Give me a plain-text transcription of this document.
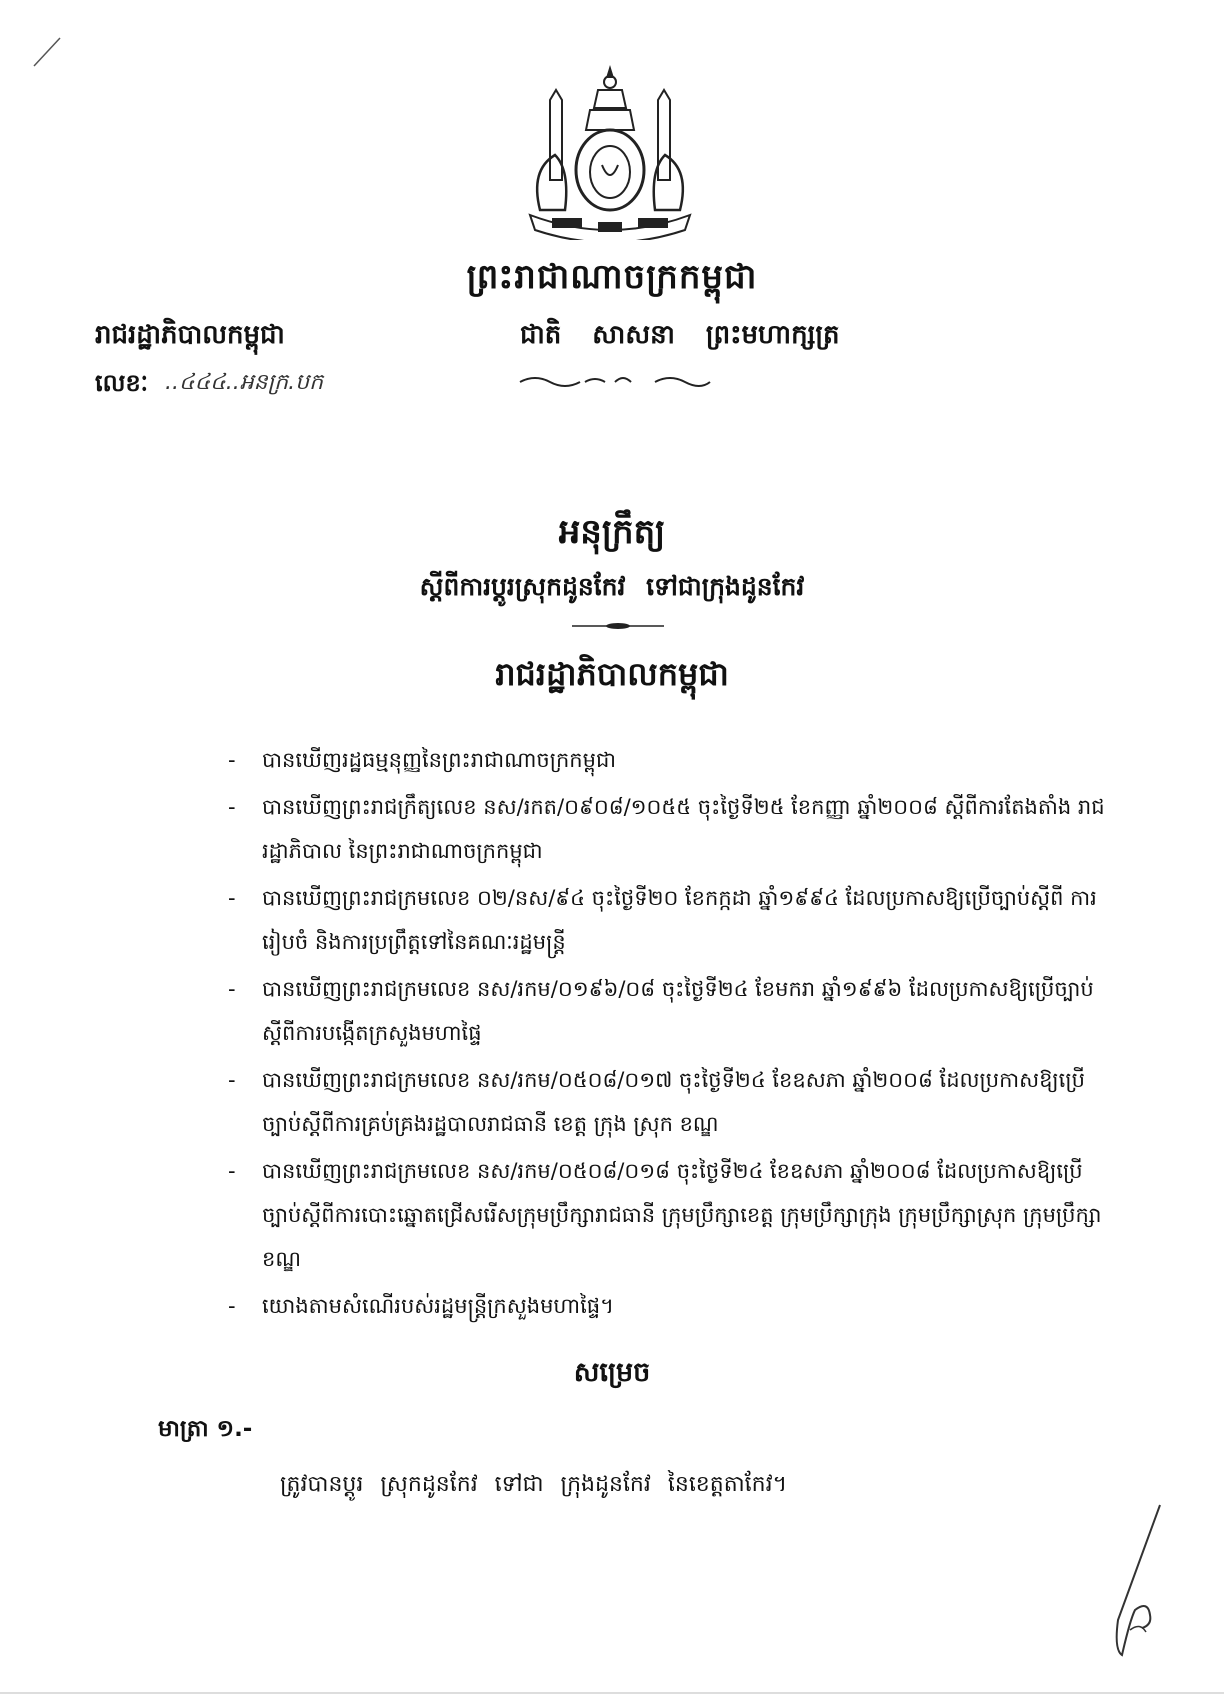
ព្រះរាជាណាចក្រកម្ពុជា
រាជរដ្ឋាភិបាលកម្ពុជា	ជាតិ សាសនា ព្រះមហាក្សត្រ
លេខៈ ..៤៤៤..អនក្រ.បក
អនុក្រឹត្យ
ស្តីពីការប្តូរស្រុកដូនកែវ ទៅជាក្រុងដូនកែវ
រាជរដ្ឋាភិបាលកម្ពុជា
- បានឃើញរដ្ឋធម្មនុញ្ញនៃព្រះរាជាណាចក្រកម្ពុជា
- បានឃើញព្រះរាជក្រឹត្យលេខ នស/រកត/០៩០៨/១០៥៥ ចុះថ្ងៃទី២៥ ខែកញ្ញា ឆ្នាំ២០០៨ ស្តីពីការតែងតាំង រាជរដ្ឋាភិបាល នៃព្រះរាជាណាចក្រកម្ពុជា
- បានឃើញព្រះរាជក្រមលេខ ០២/នស/៩៤ ចុះថ្ងៃទី២០ ខែកក្កដា ឆ្នាំ១៩៩៤ ដែលប្រកាសឱ្យប្រើច្បាប់ស្តីពី ការរៀបចំ និងការប្រព្រឹត្តទៅនៃគណៈរដ្ឋមន្ត្រី
- បានឃើញព្រះរាជក្រមលេខ នស/រកម/០១៩៦/០៨ ចុះថ្ងៃទី២៤ ខែមករា ឆ្នាំ១៩៩៦ ដែលប្រកាសឱ្យប្រើច្បាប់ ស្តីពីការបង្កើតក្រសួងមហាផ្ទៃ
- បានឃើញព្រះរាជក្រមលេខ នស/រកម/០៥០៨/០១៧ ចុះថ្ងៃទី២៤ ខែឧសភា ឆ្នាំ២០០៨ ដែលប្រកាសឱ្យប្រើ ច្បាប់ស្តីពីការគ្រប់គ្រងរដ្ឋបាលរាជធានី ខេត្ត ក្រុង ស្រុក ខណ្ឌ
- បានឃើញព្រះរាជក្រមលេខ នស/រកម/០៥០៨/០១៨ ចុះថ្ងៃទី២៤ ខែឧសភា ឆ្នាំ២០០៨ ដែលប្រកាសឱ្យប្រើ ច្បាប់ស្តីពីការបោះឆ្នោតជ្រើសរើសក្រុមប្រឹក្សារាជធានី ក្រុមប្រឹក្សាខេត្ត ក្រុមប្រឹក្សាក្រុង ក្រុមប្រឹក្សាស្រុក ក្រុមប្រឹក្សាខណ្ឌ
- យោងតាមសំណើរបស់រដ្ឋមន្ត្រីក្រសួងមហាផ្ទៃ។
សម្រេច
មាត្រា ១.-
ត្រូវបានប្តូរ ស្រុកដូនកែវ ទៅជា ក្រុងដូនកែវ នៃខេត្តតាកែវ។
